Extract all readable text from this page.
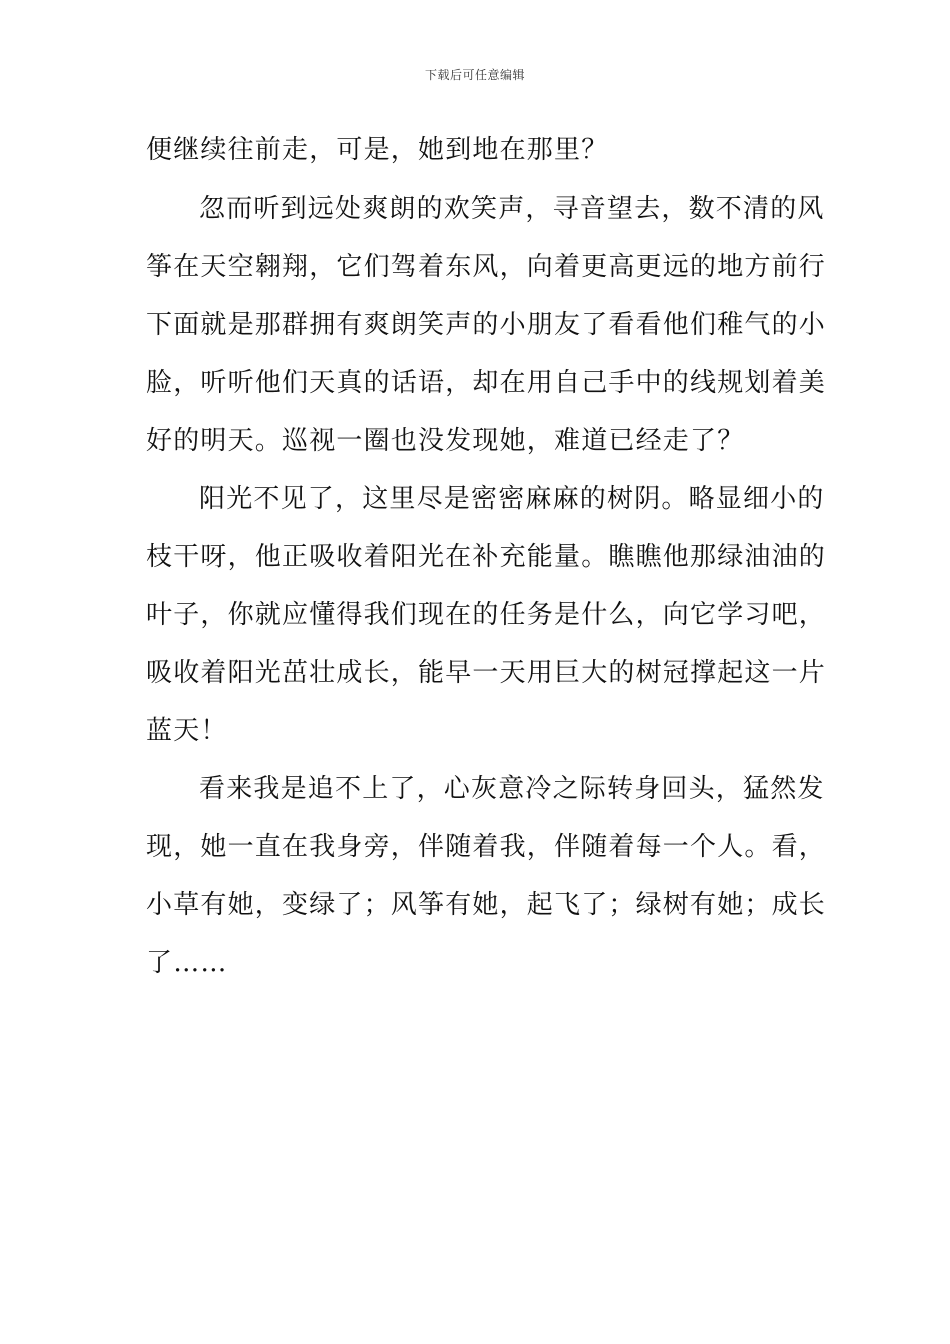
下载后可任意编辑
便继续往前走，可是，她到地在那里？
忽而听到远处爽朗的欢笑声，寻音望去，数不清的风
筝在天空翱翔，它们驾着东风，向着更高更远的地方前行
下面就是那群拥有爽朗笑声的小朋友了看看他们稚气的小
脸，听听他们天真的话语，却在用自己手中的线规划着美
好的明天。巡视一圈也没发现她，难道已经走了？
阳光不见了，这里尽是密密麻麻的树阴。略显细小的
枝干呀，他正吸收着阳光在补充能量。瞧瞧他那绿油油的
叶子，你就应懂得我们现在的任务是什么，向它学习吧，
吸收着阳光茁壮成长，能早一天用巨大的树冠撑起这一片
蓝天！
看来我是追不上了，心灰意冷之际转身回头，猛然发
现，她一直在我身旁，伴随着我，伴随着每一个人。看，
小草有她，变绿了；风筝有她，起飞了；绿树有她；成长
了……
